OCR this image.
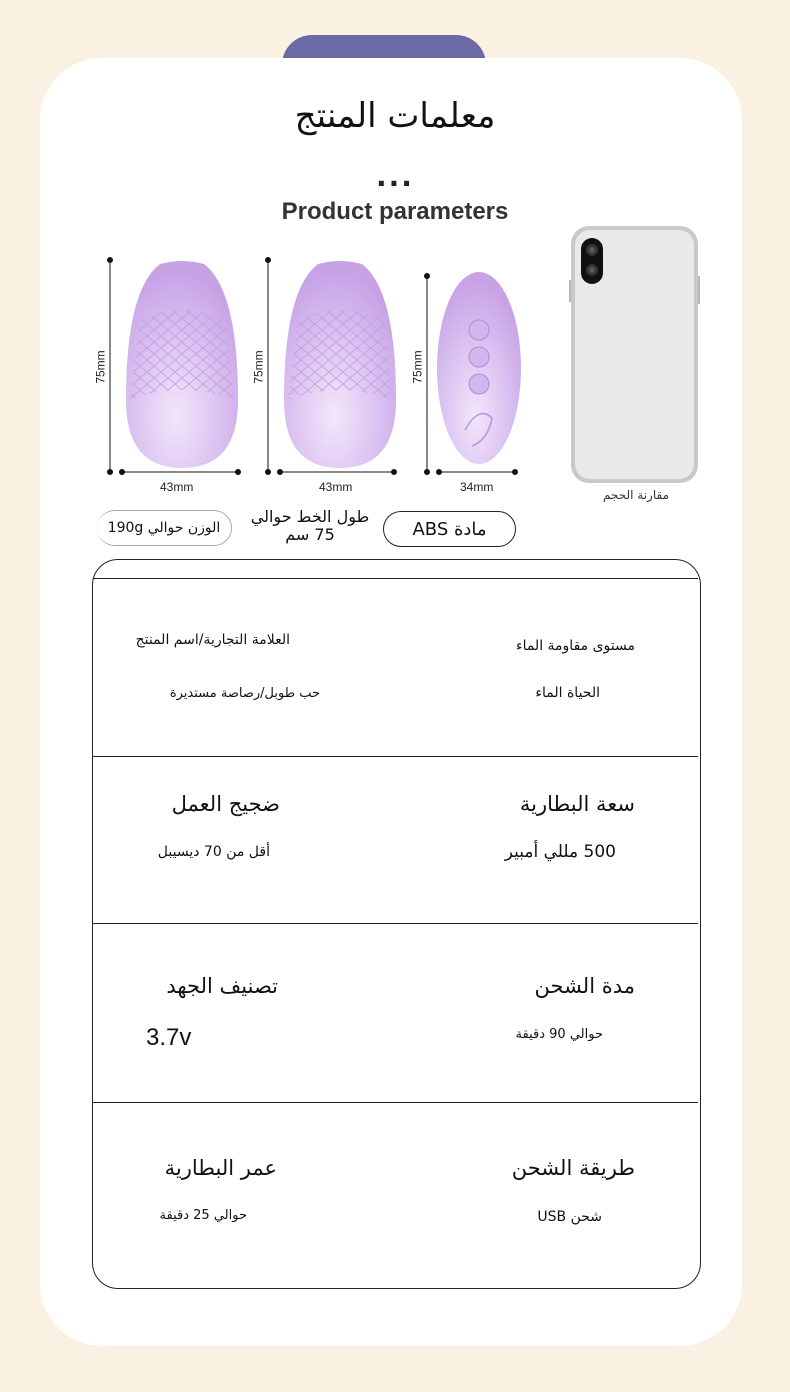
معلمات المنتج
...
Product parameters
75mm
43mm
75mm
43mm
75mm
34mm
مقارنة الحجم
الوزن حوالي 190g
طول الخط حوالي 75 سم	مادة ABS
العلامة التجارية/اسم المنتج
حب طوبل/رصاصة مستديرة
مستوى مقاومة الماء
الحياة الماء
ضجيج العمل
أقل من 70 ديسيبل
سعة البطارية
500 مللي أمبير
تصنيف الجهد
3.7v
مدة الشحن
حوالي 90 دقيقة
عمر البطارية
حوالي 25 دقيقة
طريقة الشحن
شحن USB
